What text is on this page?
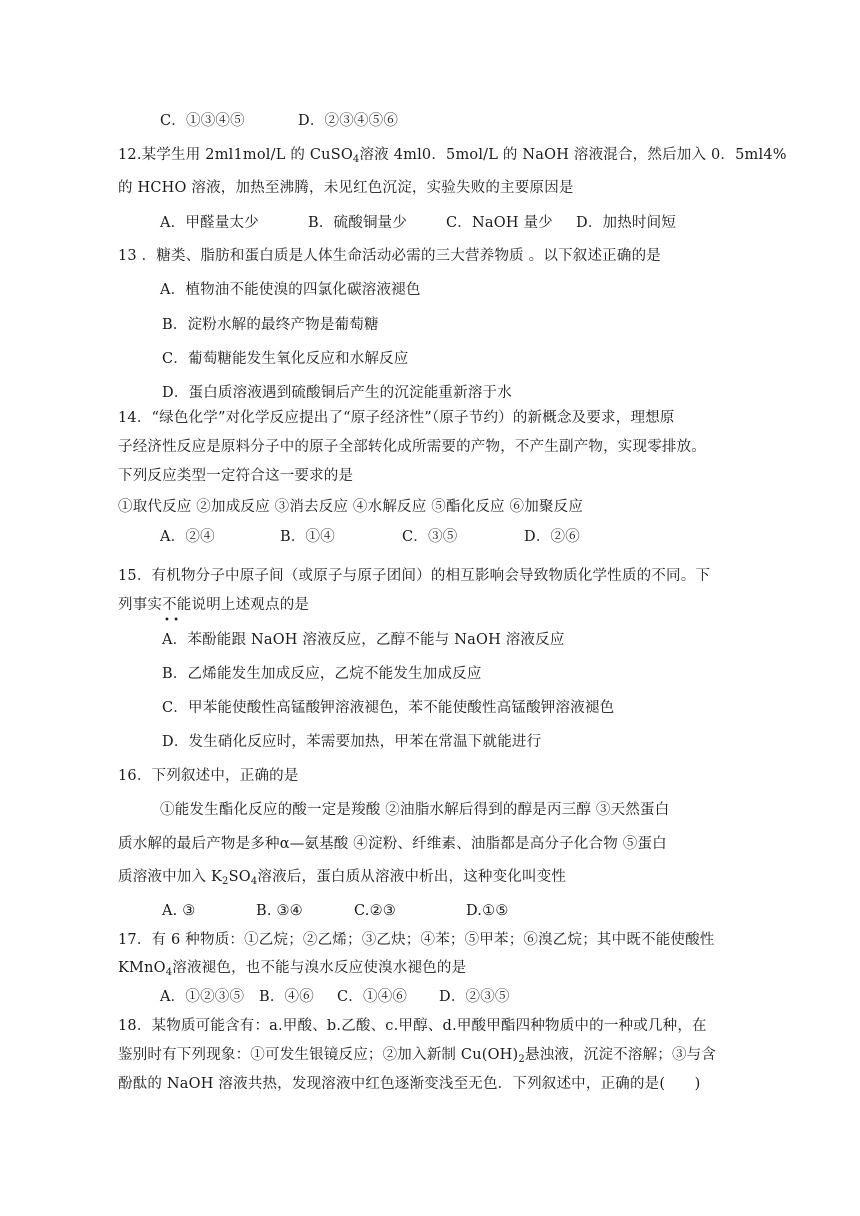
C．①③④⑤	D．②③④⑤⑥
12.某学生用 2ml1mol/L 的 CuSO$_4$溶液 4ml0．5mol/L 的 NaOH 溶液混合，然后加入 0．5ml4%
的 HCHO 溶液，加热至沸腾，未见红色沉淀，实验失败的主要原因是
A．甲醛量太少	B．硫酸铜量少	C．NaOH 量少 D．加热时间短
13 ．糖类、脂肪和蛋白质是人体生命活动必需的三大营养物质 。以下叙述正确的是
A．植物油不能使溴的四氯化碳溶液褪色
B．淀粉水解的最终产物是葡萄糖
C．葡萄糖能发生氧化反应和水解反应
D．蛋白质溶液遇到硫酸铜后产生的沉淀能重新溶于水
14．“绿色化学”对化学反应提出了“原子经济性”（原子节约）的新概念及要求，理想原
子经济性反应是原料分子中的原子全部转化成所需要的产物，不产生副产物，实现零排放。
下列反应类型一定符合这一要求的是
①取代反应 ②加成反应 ③消去反应 ④水解反应 ⑤酯化反应 ⑥加聚反应
A．②④	B．①④	C．③⑤	D．②⑥
15．有机物分子中原子间（或原子与原子团间）的相互影响会导致物质化学性质的不同。下
列事实不能说明上述观点的是
• •
A．苯酚能跟 NaOH 溶液反应，乙醇不能与 NaOH 溶液反应
B．乙烯能发生加成反应，乙烷不能发生加成反应
C．甲苯能使酸性高锰酸钾溶液褪色，苯不能使酸性高锰酸钾溶液褪色
D．发生硝化反应时，苯需要加热，甲苯在常温下就能进行
16．下列叙述中，正确的是
①能发生酯化反应的酸一定是羧酸 ②油脂水解后得到的醇是丙三醇 ③天然蛋白
质水解的最后产物是多种α—氨基酸 ④淀粉、纤维素、油脂都是高分子化合物 ⑤蛋白
质溶液中加入 $K_2SO_4$溶液后，蛋白质从溶液中析出，这种变化叫变性
A. ③	B. ③④	C.②③	D.①⑤
17．有 6 种物质：①乙烷；②乙烯；③乙炔；④苯；⑤甲苯；⑥溴乙烷；其中既不能使酸性
KMnO$_4$溶液褪色，也不能与溴水反应使溴水褪色的是
A．①②③⑤ B．④⑥ C．①④⑥ D．②③⑤
18．某物质可能含有：a.甲酸、b.乙酸、c.甲醇、d.甲酸甲酯四种物质中的一种或几种，在
鉴别时有下列现象：①可发生银镜反应；②加入新制 $Cu(OH)_2$悬浊液，沉淀不溶解；③与含
酚酞的 NaOH 溶液共热，发现溶液中红色逐渐变浅至无色．下列叙述中，正确的是(　　)
